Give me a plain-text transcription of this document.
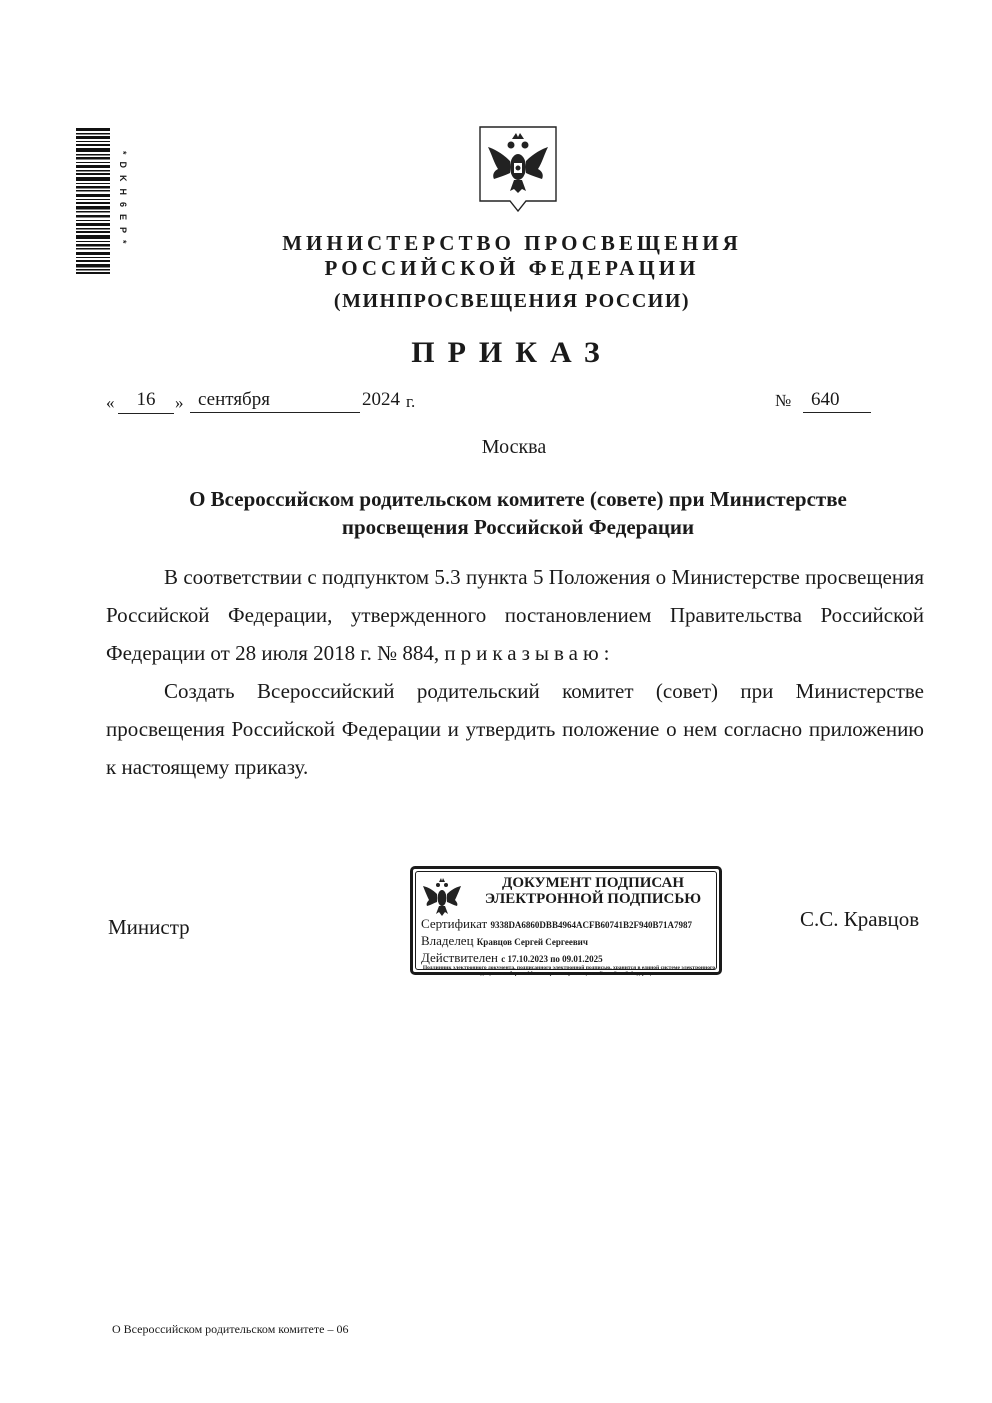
*DKН6EР*	МИНИСТЕРСТВО ПРОСВЕЩЕНИЯ
РОССИЙСКОЙ ФЕДЕРАЦИИ
(МИНПРОСВЕЩЕНИЯ РОССИИ)
ПРИКАЗ
«	16	» сентября	2024 г.	№	640
Москва
О Всероссийском родительском комитете (совете) при Министерстве просвещения Российской Федерации
В соответствии с подпунктом 5.3 пункта 5 Положения о Министерстве просвещения Российской Федерации, утвержденного постановлением Правительства Российской Федерации от 28 июля 2018 г. № 884, приказываю:
Создать Всероссийский родительский комитет (совет) при Министерстве просвещения Российской Федерации и утвердить положение о нем согласно приложению к настоящему приказу.
ДОКУМЕНТ ПОДПИСАН
ЭЛЕКТРОННОЙ ПОДПИСЬЮ
Сертификат 9338DA6860DBB4964ACFB60741B2F940B71A7987
Владелец Кравцов Сергей Сергеевич
Действителен с 17.10.2023 по 09.01.2025
Подлинник электронного документа, подписанного электронной подписью, хранится в единой системе электронного документооборота Министерства просвещения Российской Федерации
Министр	С.С. Кравцов
О Всероссийском родительском комитете – 06
